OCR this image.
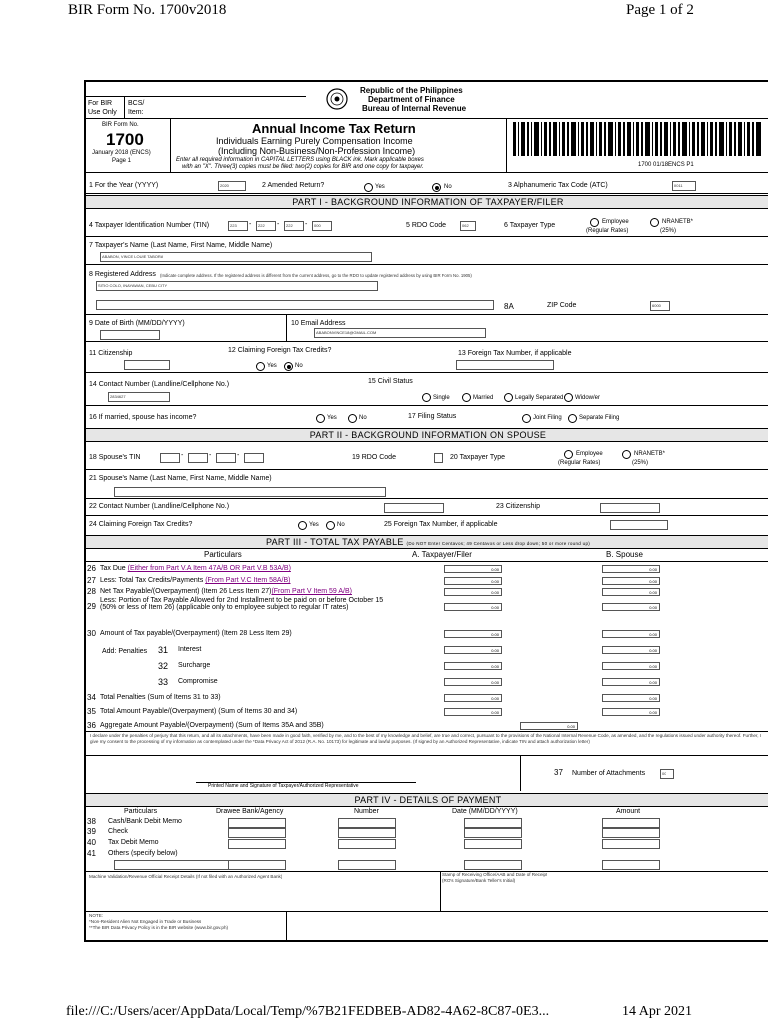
BIR Form No. 1700v2018	Page 1 of 2
file:///C:/Users/acer/AppData/Local/Temp/%7B21FEDBEB-AD82-4A62-8C87-0E3...	14 Apr 2021
For BIR
Use Only
BCS/
Item:
Republic of the Philippines
Department of Finance
Bureau of Internal Revenue
BIR Form No.
1700
January 2018 (ENCS)
Page 1
Annual Income Tax Return
Individuals Earning Purely Compensation Income
(Including Non-Business/Non-Profession Income)
Enter all required information in CAPITAL LETTERS using BLACK ink. Mark applicable boxes
with an "X". Three(3) copies must be filed: two(2) copies for BIR and one copy for taxpayer.	1700 01/18ENCS P1
1 For the Year (YYYY)	2020	2 Amended Return?	Yes	No	3 Alphanumeric Tax Code (ATC)	II011
PART I - BACKGROUND INFORMATION OF TAXPAYER/FILER
4 Taxpayer Identification Number (TIN)	223 - 222 - 222 - 000	5 RDO Code	062	6 Taxpayer Type	Employee
(Regular Rates)
NRANETB*
(25%)
7 Taxpayer's Name (Last Name, First Name, Middle Name)
ABABON, VINCE LOUIE TABORA
8 Registered Address (Indicate complete address. If the registered address is different from the current address, go to the RDO to update registered address by using BIR Form No. 1905)
SITIO COLO, INAYAWAN, CEBU CITY
8A	ZIP Code	6000
9 Date of Birth (MM/DD/YYYY)	10 Email Address
ABABONVINCE18@GMAIL.COM
11 Citizenship	12 Claiming Foreign Tax Credits?
Yes	No
13 Foreign Tax Number, if applicable
14 Contact Number (Landline/Cellphone No.)
2834627
15 Civil Status
Single	Married	Legally Separated Widow/er
16 If married, spouse has income?	Yes	No	17 Filing Status	Joint Filing	Separate Filing
PART II - BACKGROUND INFORMATION ON SPOUSE
18 Spouse's TIN	-	-	-	19 RDO Code	20 Taxpayer Type	Employee
(Regular Rates)
NRANETB*
(25%)
21 Spouse's Name (Last Name, First Name, Middle Name)
22 Contact Number (Landline/Cellphone No.)	23 Citizenship
24 Claiming Foreign Tax Credits?	Yes	No	25 Foreign Tax Number, if applicable
PART III - TOTAL TAX PAYABLE (Do NOT Enter Centavos; 49 Centavos or Less drop down; 50 or more round up)
Particulars	A. Taxpayer/Filer	B. Spouse
26 Tax Due (Either from Part V.A Item 47A/B OR Part V.B 53A/B)	0.00	0.00
27 Less: Total Tax Credits/Payments (From Part V.C Item 58A/B)	0.00	0.00
28 Net Tax Payable/(Overpayment) (Item 26 Less Item 27)(From Part V Item 59 A/B)	0.00	0.00
29
Less: Portion of Tax Payable Allowed for 2nd Installment to be paid on or before October 15 (50% or less of Item 26) (applicable only to employee subject to regular IT rates)	0.00	0.00
30 Amount of Tax payable/(Overpayment) (Item 28 Less Item 29)	0.00	0.00
31 Interest	0.00	0.00
32 Surcharge	0.00	0.00
33 Compromise	0.00	0.00
34 Total Penalties (Sum of Items 31 to 33)	0.00	0.00
35 Total Amount Payable/(Overpayment) (Sum of Items 30 and 34)	0.00	0.00
36 Aggregate Amount Payable/(Overpayment) (Sum of Items 35A and 35B)	0.00
Add: Penalties
I declare under the penalties of perjury that this return, and all its attachments, have been made in good faith, verified by me, and to the best of my knowledge and belief, are true and correct, pursuant to the provisions of the National Internal Revenue Code, as amended, and the regulations issued under authority thereof. Further, I give my consent to the processing of my information as contemplated under the *Data Privacy Act of 2012 (R.A. No. 10173) for legitimate and lawful purposes. (If signed by an Authorized Representative, indicate TIN and attach authorization letter)
37 Number of Attachments	00
Printed Name and Signature of Taxpayer/Authorized Representative
PART IV - DETAILS OF PAYMENT
Particulars	Drawee Bank/Agency	Number	Date (MM/DD/YYYY)	Amount
38 Cash/Bank Debit Memo
39 Check
40 Tax Debit Memo
41 Others (specify below)
Machine Validation/Revenue Official Receipt Details (If not filed with an Authorized Agent Bank)	Stamp of Receiving Office/AAB and Date of Receipt
(RO's Signature/Bank Teller's Initial)
NOTE:
*Non-Resident Alien Not Engaged in Trade or Business
**The BIR Data Privacy Policy is in the BIR website (www.bir.gov.ph)
